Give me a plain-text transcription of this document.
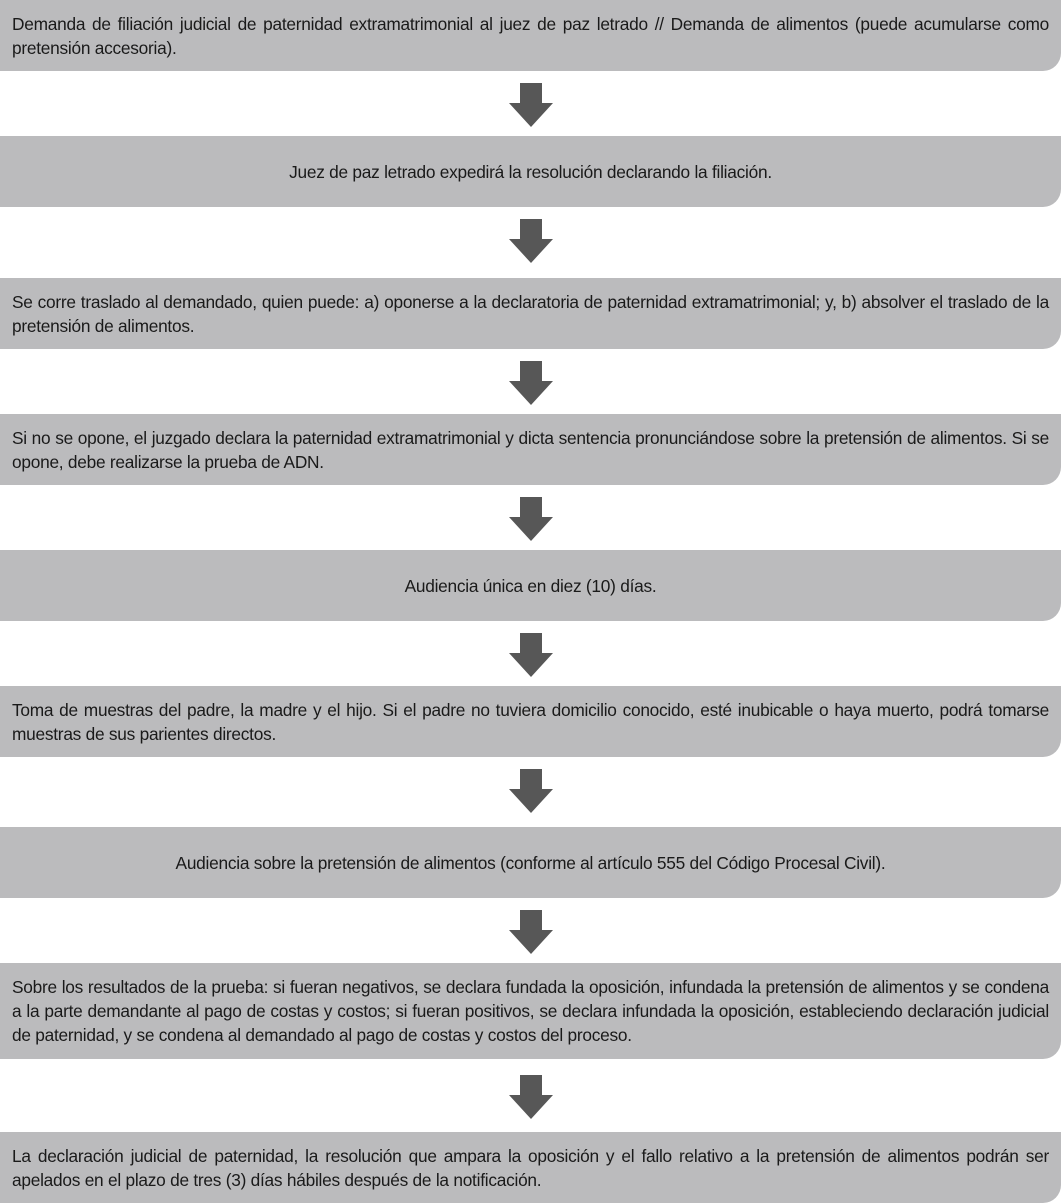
Demanda de filiación judicial de paternidad extramatrimonial al juez de paz letrado // Demanda de alimentos (puede acumularse como pretensión accesoria).
Juez de paz letrado expedirá la resolución declarando la filiación.
Se corre traslado al demandado, quien puede: a) oponerse a la declaratoria de paternidad extramatrimonial; y, b) absolver el traslado de la pretensión de alimentos.
Si no se opone, el juzgado declara la paternidad extramatrimonial y dicta sentencia pronunciándose sobre la pretensión de alimentos. Si se opone, debe realizarse la prueba de ADN.
Audiencia única en diez (10) días.
Toma de muestras del padre, la madre y el hijo. Si el padre no tuviera domicilio conocido, esté inubicable o haya muerto, podrá tomarse muestras de sus parientes directos.
Audiencia sobre la pretensión de alimentos (conforme al artículo 555 del Código Procesal Civil).
Sobre los resultados de la prueba: si fueran negativos, se declara fundada la oposición, infundada la pretensión de alimentos y se condena a la parte demandante al pago de costas y costos; si fueran positivos, se declara infundada la oposición, estableciendo declaración judicial de paternidad, y se condena al demandado al pago de costas y costos del proceso.
La declaración judicial de paternidad, la resolución que ampara la oposición y el fallo relativo a la pretensión de alimentos podrán ser apelados en el plazo de tres (3) días hábiles después de la notificación.
